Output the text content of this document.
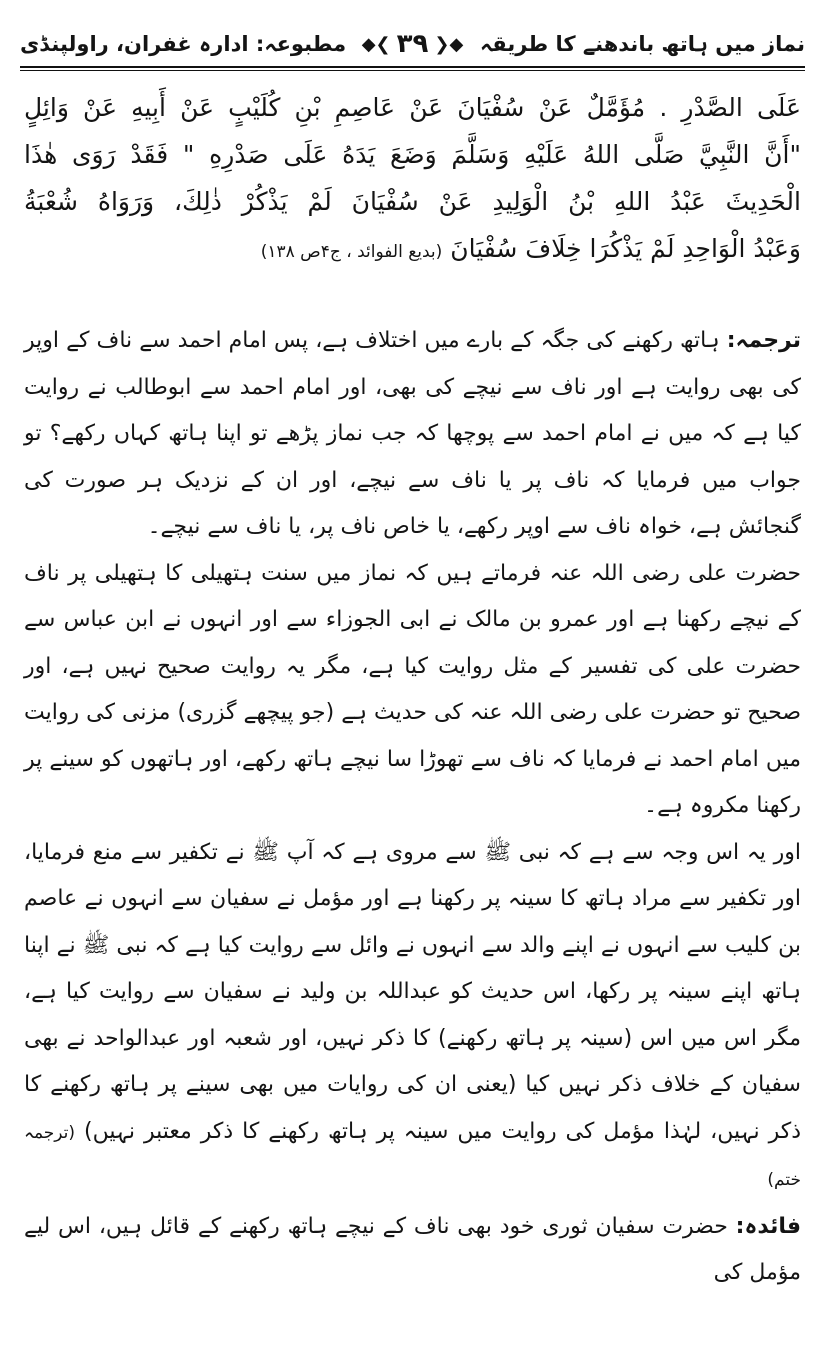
مطبوعہ: ادارہ غفران، راولپنڈی ◆❮ ۳۹ ❯◆ نماز میں ہاتھ باندھنے کا طریقہ
عَلَى الصَّدْرِ . مُؤَمَّلٌ عَنْ سُفْيَانَ عَنْ عَاصِمِ بْنِ كُلَيْبٍ عَنْ أَبِيهِ عَنْ وَائِلٍ
"أَنَّ النَّبِيَّ صَلَّى اللهُ عَلَيْهِ وَسَلَّمَ وَضَعَ يَدَهُ عَلَى صَدْرِهِ " فَقَدْ رَوَى هٰذَا
الْحَدِيثَ عَبْدُ اللهِ بْنُ الْوَلِيدِ عَنْ سُفْيَانَ لَمْ يَذْكُرْ ذٰلِكَ، وَرَوَاهُ شُعْبَةُ
وَعَبْدُ الْوَاحِدِ لَمْ يَذْكُرَا خِلَافَ سُفْيَانَ (بدیع الفوائد ، ج۴ص ۱۳۸)

ترجمہ: ہاتھ رکھنے کی جگہ کے بارے میں اختلاف ہے، پس امام احمد سے ناف کے اوپر کی بھی روایت ہے اور ناف سے نیچے کی بھی، اور امام احمد سے ابوطالب نے روایت کیا ہے کہ میں نے امام احمد سے پوچھا کہ جب نماز پڑھے تو اپنا ہاتھ کہاں رکھے؟ تو جواب میں فرمایا کہ ناف پر یا ناف سے نیچے، اور ان کے نزدیک ہر صورت کی گنجائش ہے، خواہ ناف سے اوپر رکھے، یا خاص ناف پر، یا ناف سے نیچے۔

حضرت علی رضی اللہ عنہ فرماتے ہیں کہ نماز میں سنت ہتھیلی کا ہتھیلی پر ناف کے نیچے رکھنا ہے اور عمرو بن مالک نے ابی الجوزاء سے اور انہوں نے ابن عباس سے حضرت علی کی تفسیر کے مثل روایت کیا ہے، مگر یہ روایت صحیح نہیں ہے، اور صحیح تو حضرت علی رضی اللہ عنہ کی حدیث ہے (جو پیچھے گزری) مزنی کی روایت میں امام احمد نے فرمایا کہ ناف سے تھوڑا سا نیچے ہاتھ رکھے، اور ہاتھوں کو سینے پر رکھنا مکروہ ہے۔

اور یہ اس وجہ سے ہے کہ نبی ﷺ سے مروی ہے کہ آپ ﷺ نے تکفیر سے منع فرمایا، اور تکفیر سے مراد ہاتھ کا سینہ پر رکھنا ہے اور مؤمل نے سفیان سے انہوں نے عاصم بن کلیب سے انہوں نے اپنے والد سے انہوں نے وائل سے روایت کیا ہے کہ نبی ﷺ نے اپنا ہاتھ اپنے سینہ پر رکھا، اس حدیث کو عبداللہ بن ولید نے سفیان سے روایت کیا ہے، مگر اس میں اس (سینہ پر ہاتھ رکھنے) کا ذکر نہیں، اور شعبہ اور عبدالواحد نے بھی سفیان کے خلاف ذکر نہیں کیا (یعنی ان کی روایات میں بھی سینے پر ہاتھ رکھنے کا ذکر نہیں، لہٰذا مؤمل کی روایت میں سینہ پر ہاتھ رکھنے کا ذکر معتبر نہیں) (ترجمہ ختم)

فائدہ: حضرت سفیان ثوری خود بھی ناف کے نیچے ہاتھ رکھنے کے قائل ہیں، اس لیے مؤمل کی
